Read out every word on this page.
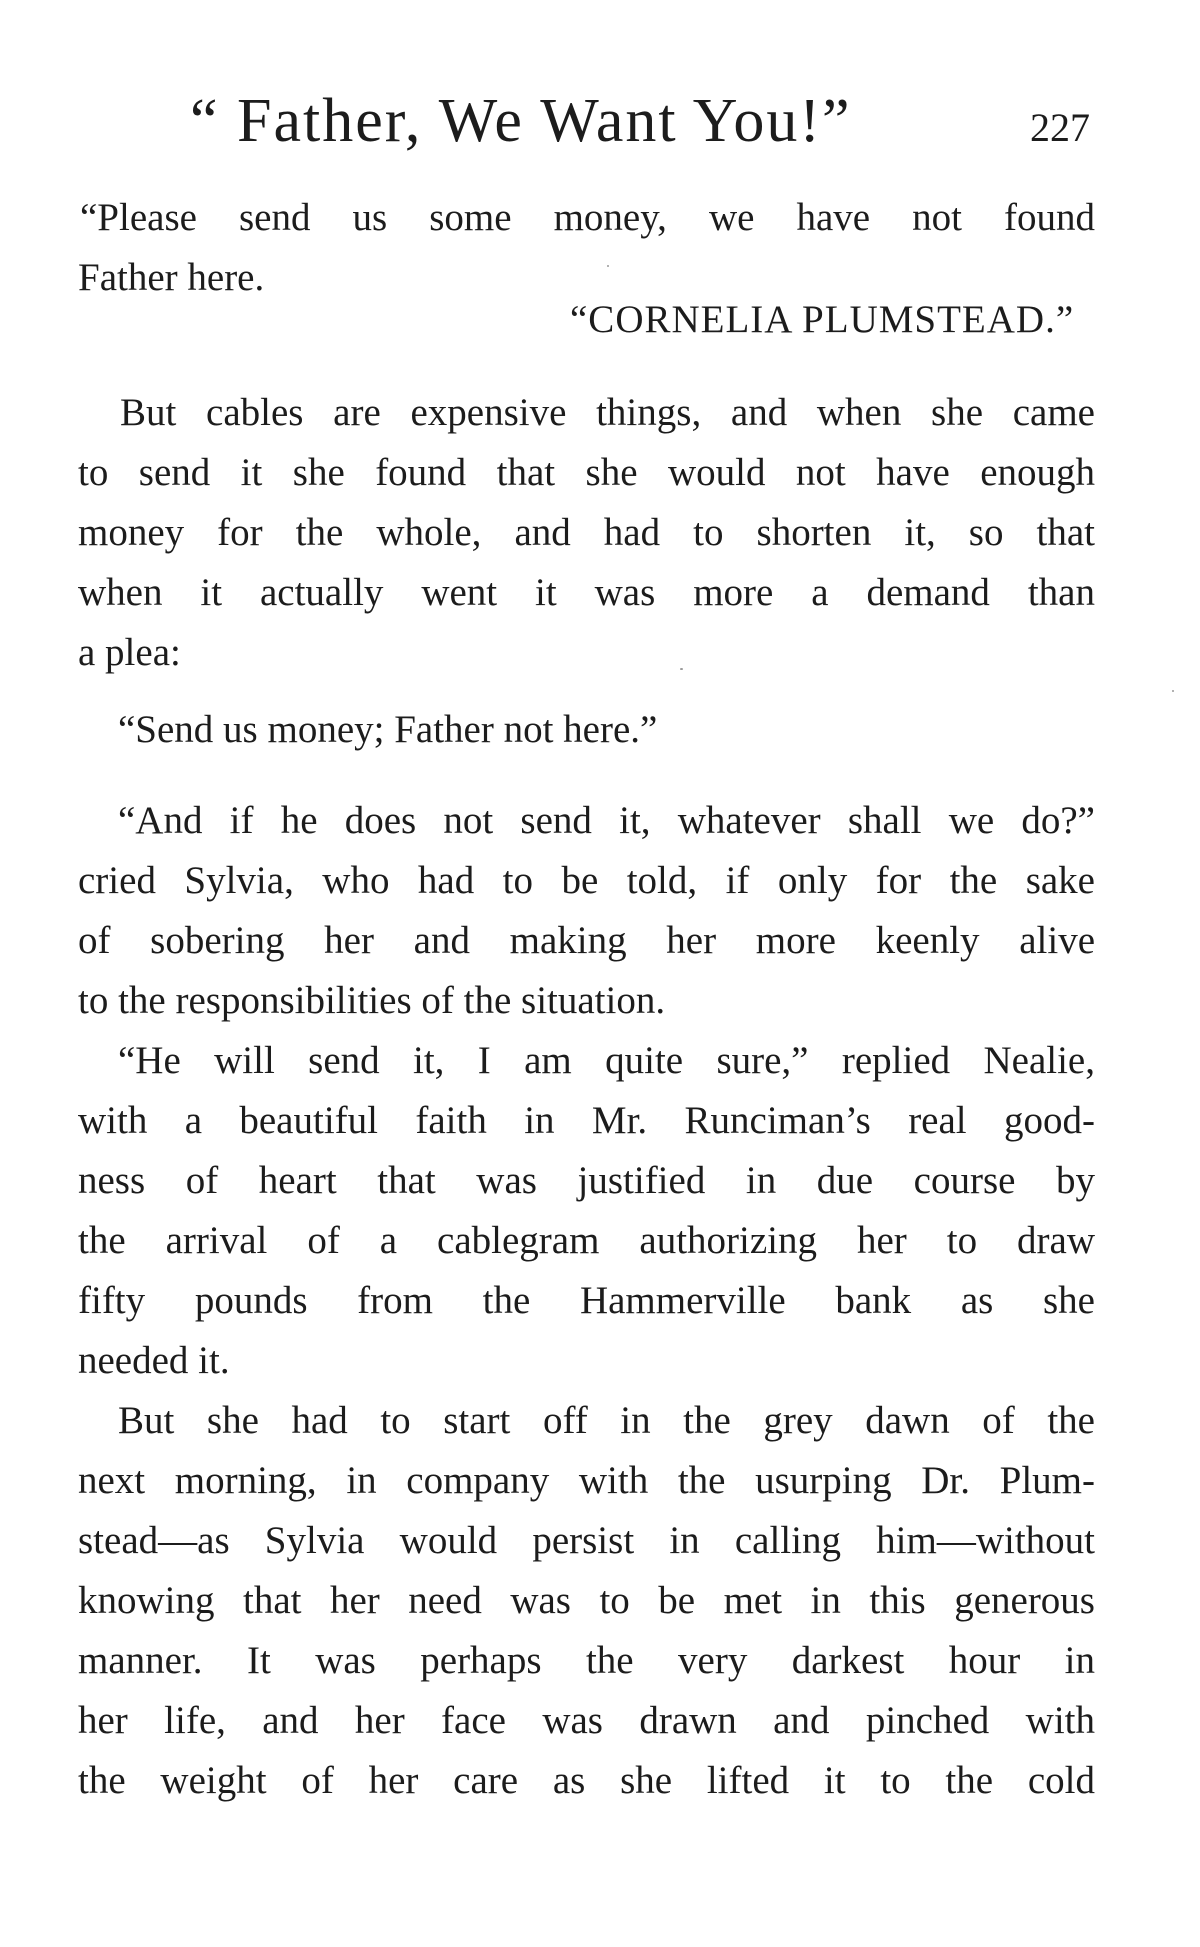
“ Father, We Want You!”	227

“Please send us some money, we have not found

Father here.

“CORNELIA PLUMSTEAD.”

But cables are expensive things, and when she came

to send it she found that she would not have enough

money for the whole, and had to shorten it, so that

when it actually went it was more a demand than

a plea:

“Send us money; Father not here.”

“And if he does not send it, whatever shall we do?”

cried Sylvia, who had to be told, if only for the sake

of sobering her and making her more keenly alive

to the responsibilities of the situation.

“He will send it, I am quite sure,” replied Nealie,

with a beautiful faith in Mr. Runciman’s real good-

ness of heart that was justified in due course by

the arrival of a cablegram authorizing her to draw

fifty pounds from the Hammerville bank as she

needed it.

But she had to start off in the grey dawn of the

next morning, in company with the usurping Dr. Plum-

stead—as Sylvia would persist in calling him—without

knowing that her need was to be met in this generous

manner. It was perhaps the very darkest hour in

her life, and her face was drawn and pinched with

the weight of her care as she lifted it to the cold
